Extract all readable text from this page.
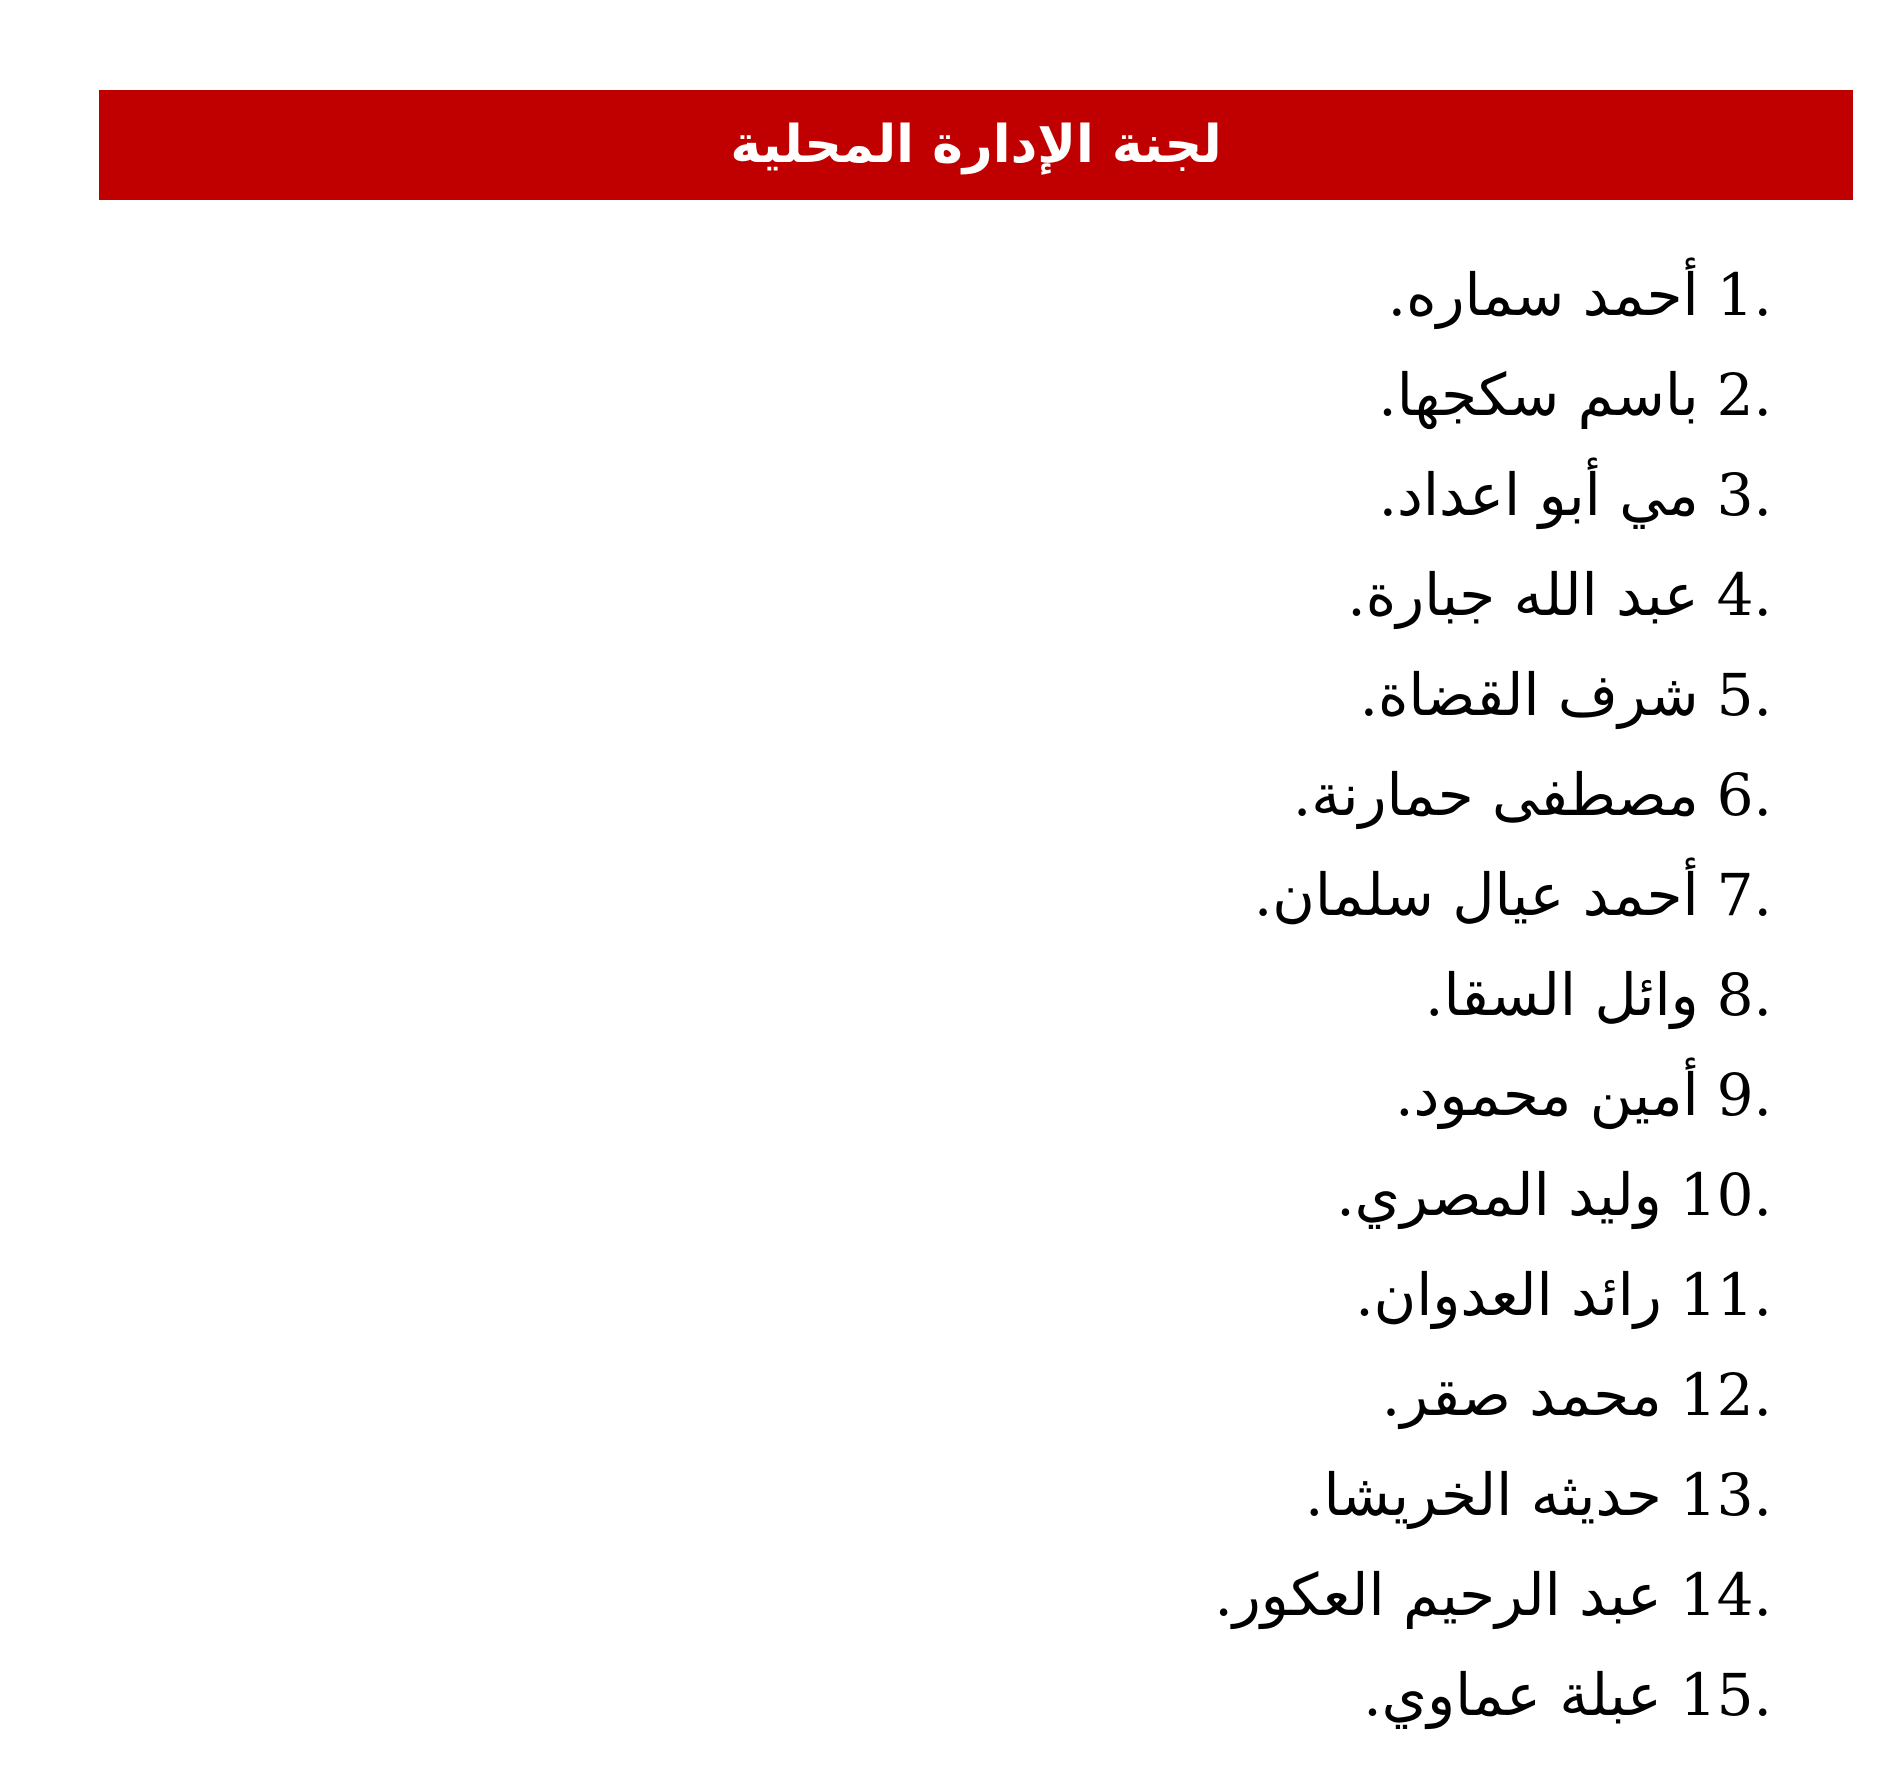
لجنة الإدارة المحلية
1.
أحمد سماره.
2.
باسم سكجها.
3.
مي أبو اعداد.
4.
عبد الله جبارة.
5.
شرف القضاة.
6.
مصطفى حمارنة.
7.
أحمد عيال سلمان.
8.
وائل السقا.
9.
أمين محمود.
10.
وليد المصري.
11.
رائد العدوان.
12.
محمد صقر.
13.
حديثه الخريشا.
14.
عبد الرحيم العكور.
15.
عبلة عماوي.
